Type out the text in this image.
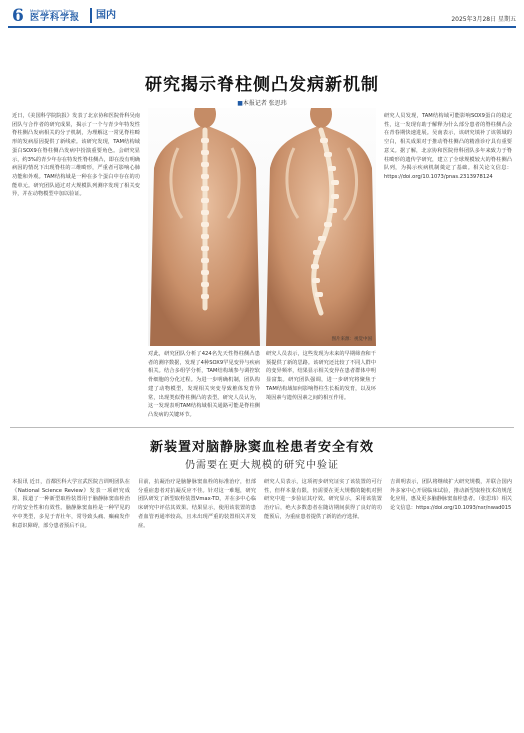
6 Medical Advances Today
医学科学报	国内	2025年3月28日 星期五
研究揭示脊柱侧凸发病新机制
■本报记者 张思玮
图片来源：视觉中国
近日，《美国科学院院报》发表了北京协和医院骨科吴南团队与合作者的研究成果，揭示了一个与青少年特发性脊柱侧凸发病相关的分子机制，为理解这一常见脊柱畸形的发病原因提供了新线索。该研究发现，TAM结构域蛋白SOX9在脊柱侧凸发病中扮演重要角色。会研究显示，约3%的青少年存在特发性脊柱侧凸，即在没有明确病因的情况下出现脊柱的三维畸形，严重者可影响心肺功能和外观。TAM结构域是一种在多个蛋白中存在的功能单元。研究团队通过对大规模队列测序发现了相关变异，并在动物模型中加以验证。
对此，研究团队分析了424名先天性脊柱侧凸患者的测序数据，发现了4种SOX9罕见变异与疾病相关。结合多组学分析，TAM结构域参与调控软骨细胞的分化过程。为进一步明确机制，团队构建了动物模型，发现相关突变导致椎体发育异常，出现类似脊柱侧凸的表型。研究人员认为，这一发现表明TAM结构域相关通路可能是脊柱侧凸发病的关键环节。
研究人员表示，这些发现为未来的早期筛查和干预提供了新的思路。该研究还比较了不同人群中的变异频率，结果显示相关变异在患者群体中明显富集。研究团队强调，进一步研究将聚焦于TAM结构域如何影响脊柱生长板的发育，以及环境因素与遗传因素之间的相互作用。
研究人员发现，TAM结构域可能影响SOX9蛋白的稳定性，这一发现有助于解释为什么部分患者的脊柱侧凸会在青春期快速进展。吴南表示，该研究填补了该领域的空白，相关成果对于推动脊柱侧凸的精准诊疗具有重要意义。据了解，北京协和医院骨科团队多年来致力于脊柱畸形的遗传学研究，建立了全球规模较大的脊柱侧凸队列，为揭示疾病机制奠定了基础。相关论文信息：https://doi.org/10.1073/pnas.2313978124
新装置对脑静脉窦血栓患者安全有效
仍需要在更大规模的研究中验证
本报讯 近日，首都医科大学宣武医院吉训明团队在《National Science Review》发表一项研究成果，报道了一种新型取栓装置用于脑静脉窦血栓治疗的安全性和有效性。脑静脉窦血栓是一种罕见的卒中类型，多见于青壮年，常导致头痛、癫痫发作和意识障碍，部分患者预后不良。
目前，抗凝治疗是脑静脉窦血栓的标准治疗，但部分重症患者对抗凝反应不佳。针对这一难题，研究团队研发了新型取栓装置Vmax-TD，并在多中心临床研究中评估其效果。结果显示，使用该装置的患者血管再通率较高，且未出现严重的装置相关并发症。
研究人员表示，这项初步研究证实了该装置的可行性，但样本量有限，仍需要在更大规模的随机对照研究中进一步验证其疗效。研究显示，采用该装置治疗后，绝大多数患者在随访期间获得了良好的功能预后，为重症患者提供了新的治疗选择。
吉训明表示，团队将继续扩大研究规模，并联合国内外多家中心开展临床试验，推动新型取栓技术的规范化应用，惠及更多脑静脉窦血栓患者。（张思玮）相关论文信息：https://doi.org/10.1093/nsr/nwad015
